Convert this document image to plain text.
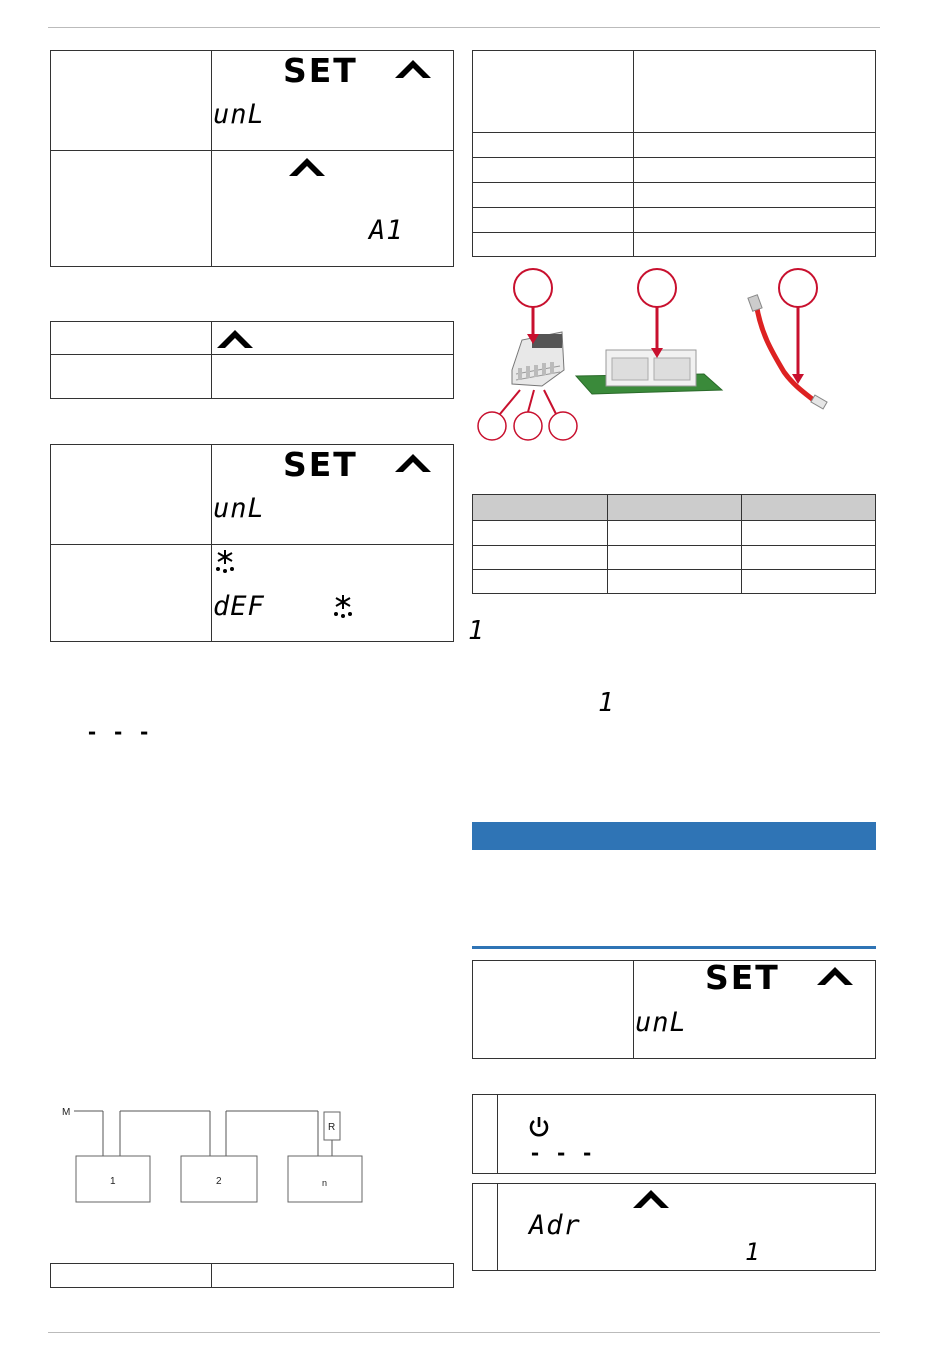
SET
unL
A1
SET
unL
dEF
- - -
M
1	2	n
R
1
1
SET
unL
- - -
Adr
1
